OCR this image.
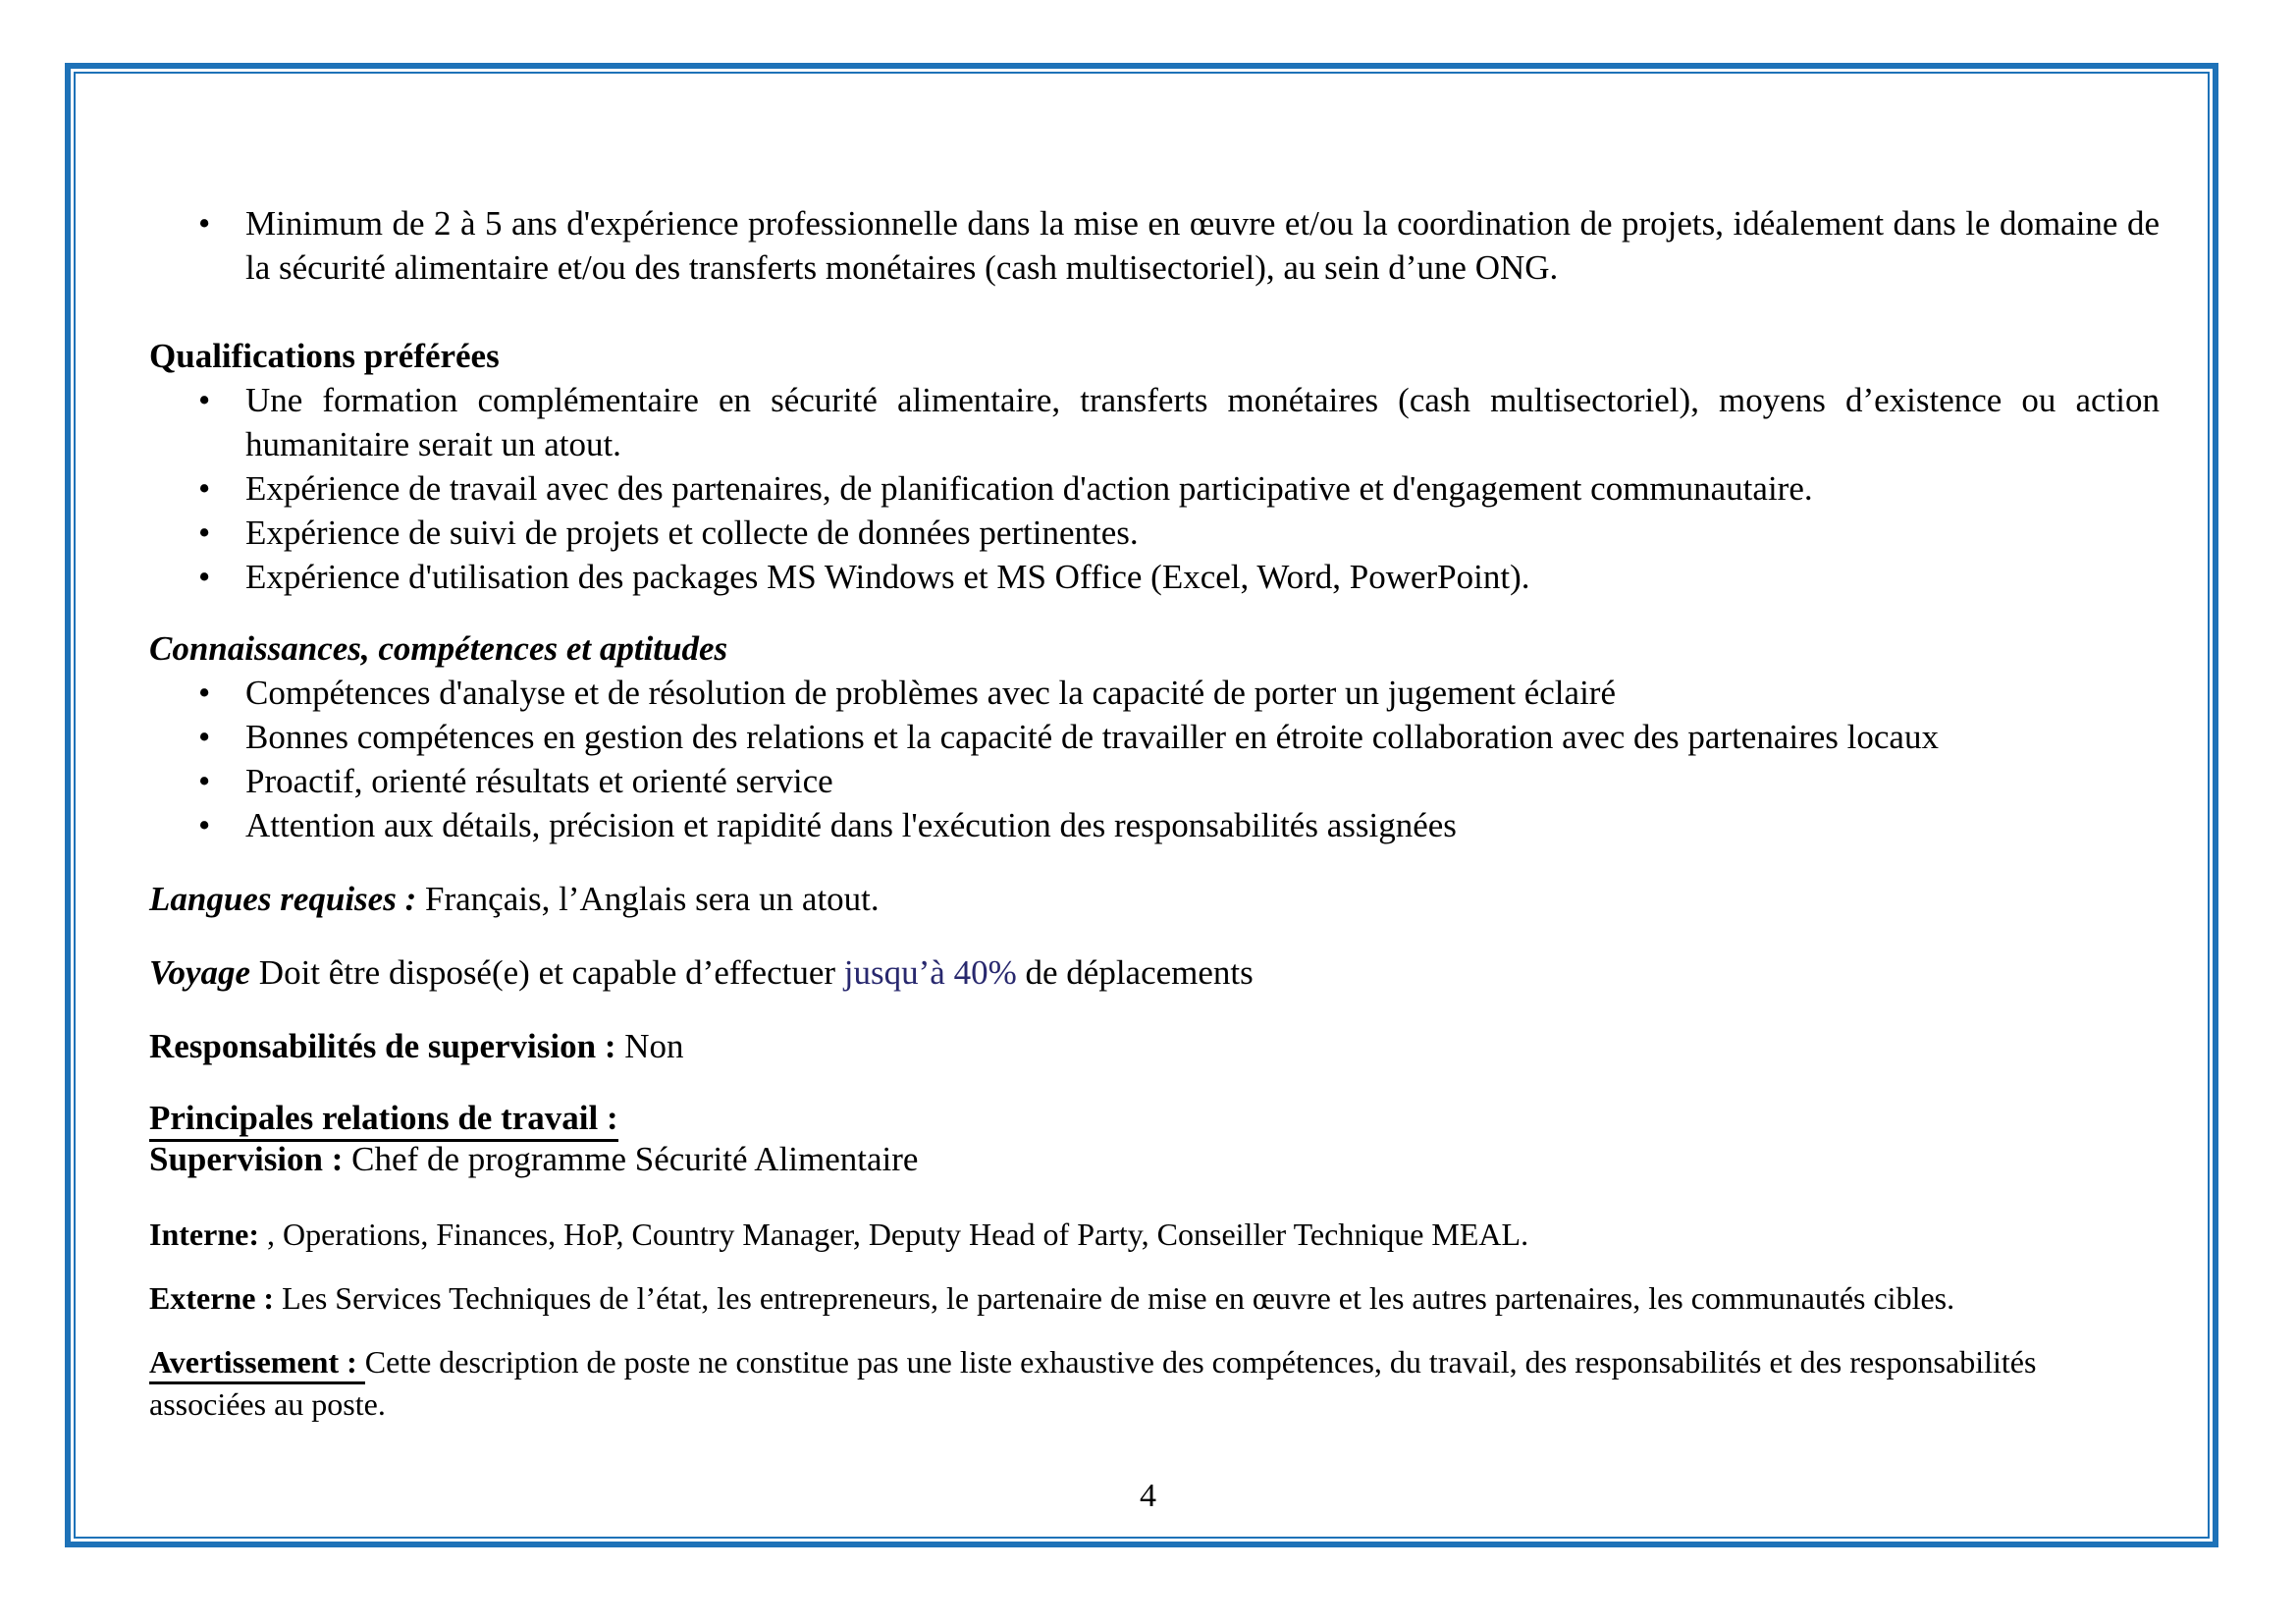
• Minimum de 2 à 5 ans d'expérience professionnelle dans la mise en œuvre et/ou la coordination de projets, idéalement dans le domaine de la sécurité alimentaire et/ou des transferts monétaires (cash multisectoriel), au sein d’une ONG.

Qualifications préférées

• Une formation complémentaire en sécurité alimentaire, transferts monétaires (cash multisectoriel), moyens d’existence ou action humanitaire serait un atout.
• Expérience de travail avec des partenaires, de planification d'action participative et d'engagement communautaire.
• Expérience de suivi de projets et collecte de données pertinentes.
• Expérience d'utilisation des packages MS Windows et MS Office (Excel, Word, PowerPoint).

Connaissances, compétences et aptitudes

• Compétences d'analyse et de résolution de problèmes avec la capacité de porter un jugement éclairé
• Bonnes compétences en gestion des relations et la capacité de travailler en étroite collaboration avec des partenaires locaux
• Proactif, orienté résultats et orienté service
• Attention aux détails, précision et rapidité dans l'exécution des responsabilités assignées

Langues requises : Français, l’Anglais sera un atout.

Voyage Doit être disposé(e) et capable d’effectuer jusqu’à 40% de déplacements

Responsabilités de supervision : Non

Principales relations de travail :

Supervision : Chef de programme Sécurité Alimentaire

Interne: , Operations, Finances, HoP, Country Manager, Deputy Head of Party, Conseiller Technique MEAL.

Externe : Les Services Techniques de l’état, les entrepreneurs, le partenaire de mise en œuvre et les autres partenaires, les communautés cibles.

Avertissement : Cette description de poste ne constitue pas une liste exhaustive des compétences, du travail, des responsabilités et des responsabilités associées au poste.

4
